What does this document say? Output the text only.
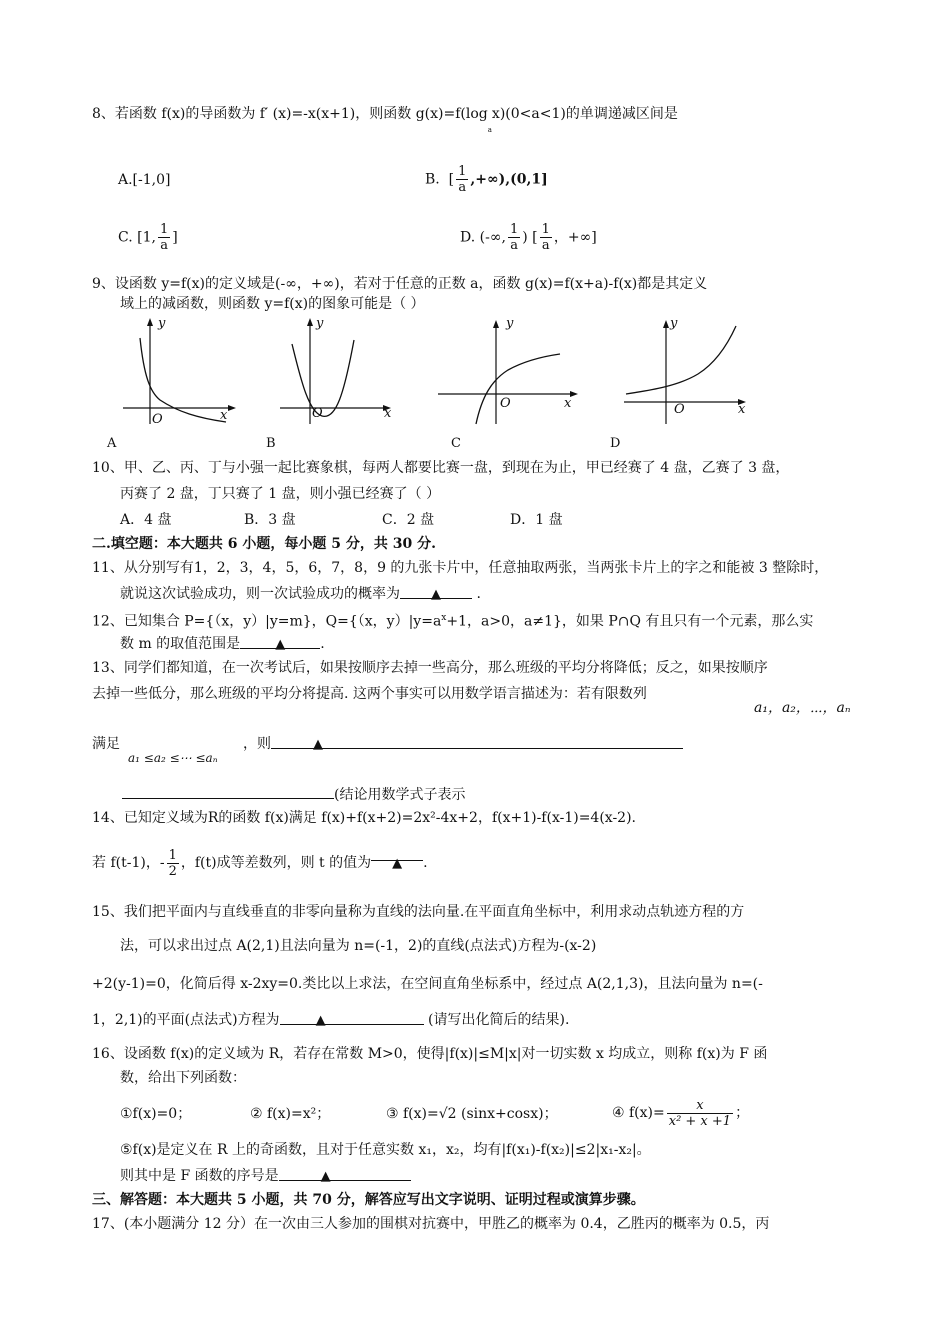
8、若函数 f(x)的导函数为 f′ (x)=-x(x+1)，则函数 $g(x)=f(\log_ax)(0<a<1)$的单调递减区间是
A.[-1,0]	B. [ $\frac{1}{a} ,+\infty),(0,1]$
C. [1, $\frac{1}{a}$ ]	D. (-∞, $\frac{1}{a}$ ) [ $\frac{1}{a}$ ，+∞]
9、设函数 y=f(x)的定义域是(-∞，+∞)，若对于任意的正数 a，函数 g(x)=f(x+a)-f(x)都是其定义
域上的减函数，则函数 y=f(x)的图象可能是（ ）
y
x
O
A
y
x
O
B
y
x
O
C
y
x
O
D
10、甲、乙、丙、丁与小强一起比赛象棋，每两人都要比赛一盘，到现在为止，甲已经赛了 4 盘，乙赛了 3 盘，
丙赛了 2 盘，丁只赛了 1 盘，则小强已经赛了（ ）
A．4 盘	B．3 盘	C．2 盘	D．1 盘
二.填空题：本大题共 6 小题，每小题 5 分，共 30 分.
11、从分别写有1，2，3，4，5，6，7，8，9 的九张卡片中，任意抽取两张，当两张卡片上的字之和能被 3 整除时，
就说这次试验成功，则一次试验成功的概率为 ▲	.
12、已知集合 P={（x，y）|y=m}，Q={（x，$y)|y=a^x+1$，a>0，a≠1}，如果 P∩Q 有且只有一个元素，那么实
数 m 的取值范围是	▲	.
13、同学们都知道，在一次考试后，如果按顺序去掉一些高分，那么班级的平均分将降低；反之，如果按顺序
去掉一些低分，那么班级的平均分将提高. 这两个事实可以用数学语言描述为：若有限数列
a₁，a₂，⋯，aₙ
满足
a₁ ≤a₂ ≤⋯ ≤aₙ
，则	▲
(结论用数学式子表示
14、已知定义域为R的函数 f(x)满足 f(x)+f(x+2)=2x²-4x+2，f(x+1)-f(x-1)=4(x-2).
若 f(t-1)，- $\frac{1}{2}$ ，f(t)成等差数列，则 t 的值为 ▲ .
15、我们把平面内与直线垂直的非零向量称为直线的法向量.在平面直角坐标中，利用求动点轨迹方程的方
法，可以求出过点 A(2,1)且法向量为 n=(-1，2)的直线(点法式)方程为-(x-2)
+2(y-1)=0，化简后得 x-2xy=0.类比以上求法，在空间直角坐标系中，经过点 A(2,1,3)，且法向量为 n=(-
1，2,1)的平面(点法式)方程为	▲	(请写出化简后的结果).
16、设函数 f(x)的定义域为 R，若存在常数 M>0，使得|f(x)|≤M|x|对一切实数 x 均成立，则称 f(x)为 F 函
数，给出下列函数：
①f(x)=0；	② f(x)=x²；	③ f(x)=√2 (sinx+cosx)；	④ $f(x)= \frac{x}{\text{x² + x +1}}$ ；
⑤f(x)是定义在 R 上的奇函数，且对于任意实数 x₁，x₂，均有|f(x₁)-f(x₂)|≤2|x₁-x₂|。
则其中是 F 函数的序号是	▲
三、解答题：本大题共 5 小题，共 70 分，解答应写出文字说明、证明过程或演算步骤。
17、(本小题满分 12 分）在一次由三人参加的围棋对抗赛中，甲胜乙的概率为 0.4，乙胜丙的概率为 0.5，丙
